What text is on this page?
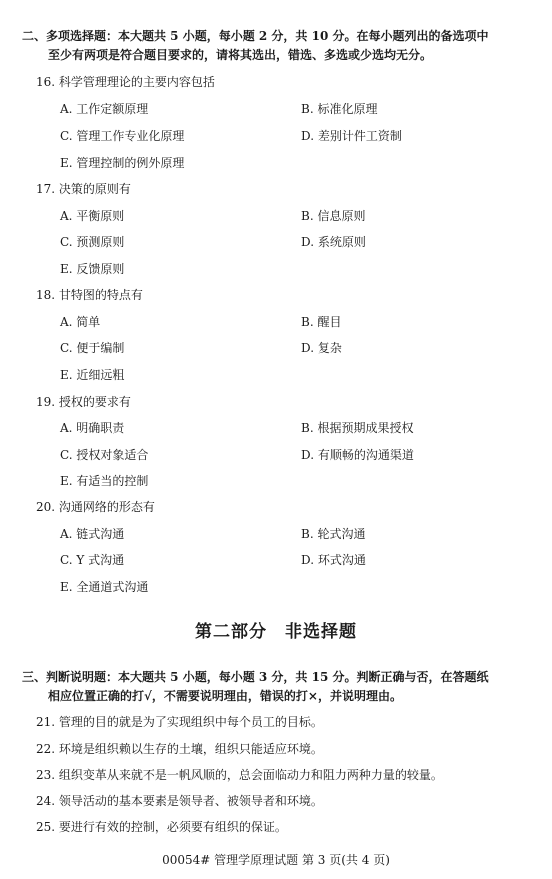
二、多项选择题：本大题共 5 小题，每小题 2 分，共 10 分。在每小题列出的备选项中
至少有两项是符合题目要求的，请将其选出，错选、多选或少选均无分。
16. 科学管理理论的主要内容包括
A. 工作定额原理	B. 标准化原理
C. 管理工作专业化原理	D. 差别计件工资制
E. 管理控制的例外原理
17. 决策的原则有
A. 平衡原则	B. 信息原则
C. 预测原则	D. 系统原则
E. 反馈原则
18. 甘特图的特点有
A. 简单	B. 醒目
C. 便于编制	D. 复杂
E. 近细远粗
19. 授权的要求有
A. 明确职责	B. 根据预期成果授权
C. 授权对象适合	D. 有顺畅的沟通渠道
E. 有适当的控制
20. 沟通网络的形态有
A. 链式沟通	B. 轮式沟通
C. Y 式沟通	D. 环式沟通
E. 全通道式沟通
第二部分　非选择题
三、判断说明题：本大题共 5 小题，每小题 3 分，共 15 分。判断正确与否，在答题纸
相应位置正确的打√，不需要说明理由，错误的打×，并说明理由。
21. 管理的目的就是为了实现组织中每个员工的目标。
22. 环境是组织赖以生存的土壤，组织只能适应环境。
23. 组织变革从来就不是一帆风顺的，总会面临动力和阻力两种力量的较量。
24. 领导活动的基本要素是领导者、被领导者和环境。
25. 要进行有效的控制，必须要有组织的保证。
00054# 管理学原理试题 第 3 页(共 4 页)
